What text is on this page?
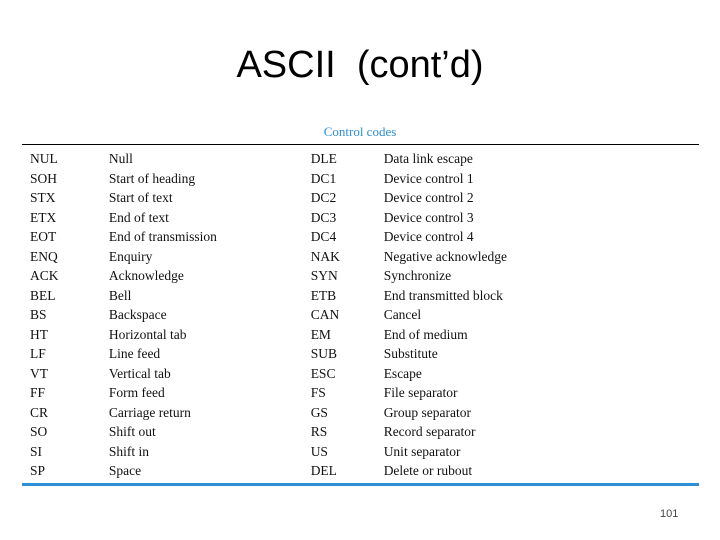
ASCII  (cont’d)
Control codes
NUL	Null	DLE	Data link escape
SOH	Start of heading	DC1	Device control 1
STX	Start of text	DC2	Device control 2
ETX	End of text	DC3	Device control 3
EOT	End of transmission	DC4	Device control 4
ENQ	Enquiry	NAK	Negative acknowledge
ACK	Acknowledge	SYN	Synchronize
BEL	Bell	ETB	End transmitted block
BS	Backspace	CAN	Cancel
HT	Horizontal tab	EM	End of medium
LF	Line feed	SUB	Substitute
VT	Vertical tab	ESC	Escape
FF	Form feed	FS	File separator
CR	Carriage return	GS	Group separator
SO	Shift out	RS	Record separator
SI	Shift in	US	Unit separator
SP	Space	DEL	Delete or rubout
101
